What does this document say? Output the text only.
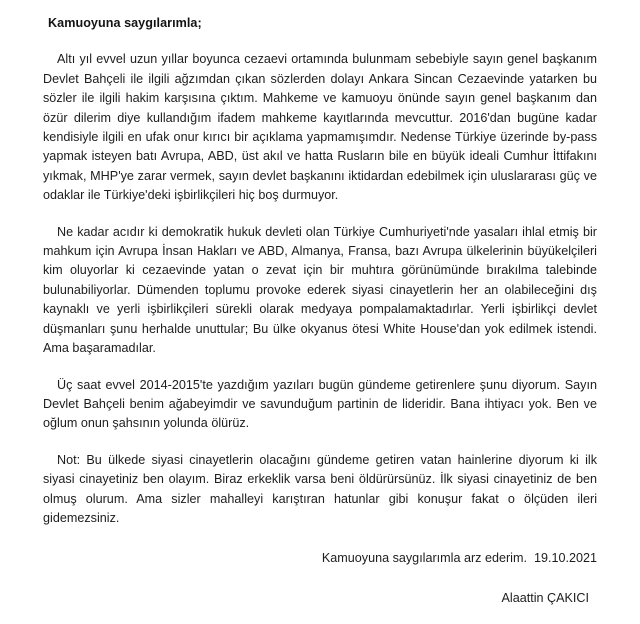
Kamuoyuna saygılarımla;

Altı yıl evvel uzun yıllar boyunca cezaevi ortamında bulunmam sebebiyle sayın genel başkanım Devlet Bahçeli ile ilgili ağzımdan çıkan sözlerden dolayı Ankara Sincan Cezaevinde yatarken bu sözler ile ilgili hakim karşısına çıktım. Mahkeme ve kamuoyu önünde sayın genel başkanım dan özür dilerim diye kullandığım ifadem mahkeme kayıtlarında mevcuttur. 2016'dan bugüne kadar kendisiyle ilgili en ufak onur kırıcı bir açıklama yapmamışımdır. Nedense Türkiye üzerinde by-pass yapmak isteyen batı Avrupa, ABD, üst akıl ve hatta Rusların bile en büyük ideali Cumhur İttifakını yıkmak, MHP'ye zarar vermek, sayın devlet başkanını iktidardan edebilmek için uluslararası güç ve odaklar ile Türkiye'deki işbirlikçileri hiç boş durmuyor.

Ne kadar acıdır ki demokratik hukuk devleti olan Türkiye Cumhuriyeti'nde yasaları ihlal etmiş bir mahkum için Avrupa İnsan Hakları ve ABD, Almanya, Fransa, bazı Avrupa ülkelerinin büyükelçileri kim oluyorlar ki cezaevinde yatan o zevat için bir muhtıra görünümünde bırakılma talebinde bulunabiliyorlar. Dümenden toplumu provoke ederek siyasi cinayetlerin her an olabileceğini dış kaynaklı ve yerli işbirlikçileri sürekli olarak medyaya pompalamaktadırlar. Yerli işbirlikçi devlet düşmanları şunu herhalde unuttular; Bu ülke okyanus ötesi White House'dan yok edilmek istendi. Ama başaramadılar.

Üç saat evvel 2014-2015'te yazdığım yazıları bugün gündeme getirenlere şunu diyorum. Sayın Devlet Bahçeli benim ağabeyimdir ve savunduğum partinin de lideridir. Bana ihtiyacı yok. Ben ve oğlum onun şahsının yolunda ölürüz.

Not: Bu ülkede siyasi cinayetlerin olacağını gündeme getiren vatan hainlerine diyorum ki ilk siyasi cinayetiniz ben olayım. Biraz erkeklik varsa beni öldürürsünüz. İlk siyasi cinayetiniz de ben olmuş olurum. Ama sizler mahalleyi karıştıran hatunlar gibi konuşur fakat o ölçüden ileri gidemezsiniz.

Kamuoyuna saygılarımla arz ederim. 19.10.2021

Alaattin ÇAKICI
